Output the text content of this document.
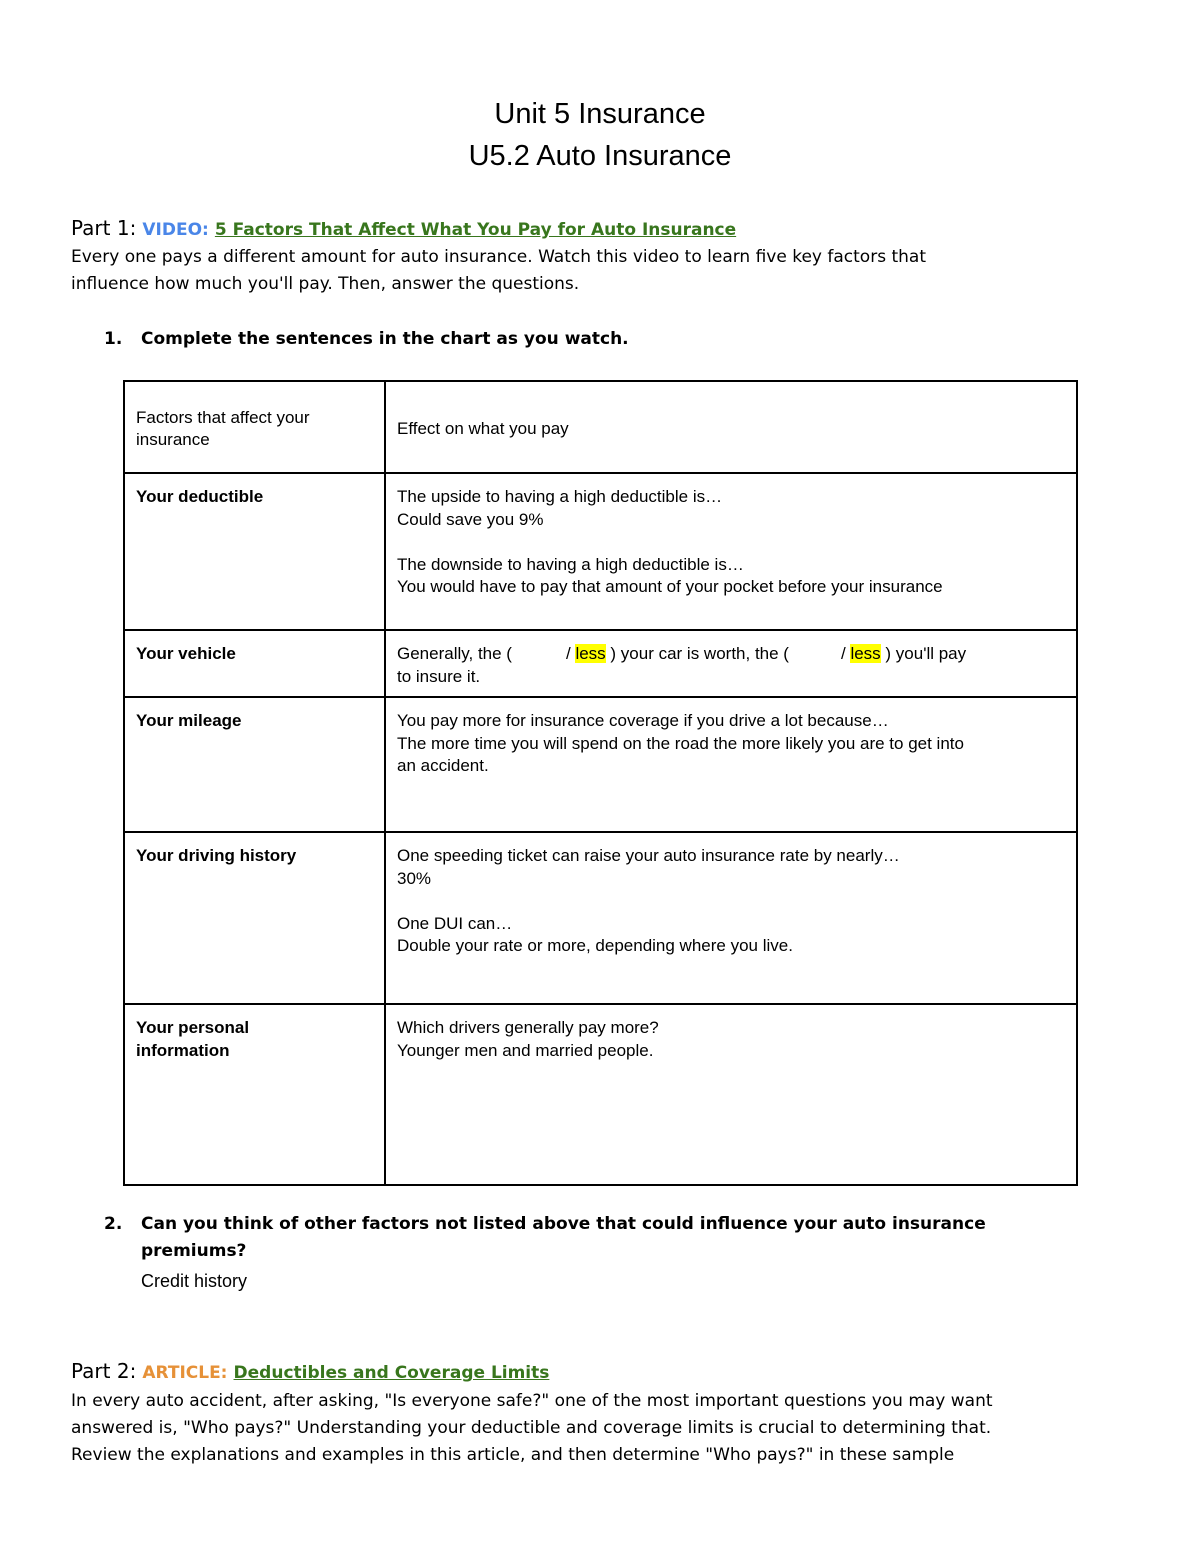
Unit 5 Insurance
U5.2 Auto Insurance
Part 1: VIDEO: 5 Factors That Affect What You Pay for Auto Insurance
Every one pays a different amount for auto insurance. Watch this video to learn five key factors that
influence how much you'll pay. Then, answer the questions.
1. Complete the sentences in the chart as you watch.
Factors that affect your insurance	Effect on what you pay
Your deductible	The upside to having a high deductible is…
Could save you 9%
The downside to having a high deductible is…
You would have to pay that amount of your pocket before your insurance

Your vehicle	Generally, the ( / less ) your car is worth, the ( / less ) you'll pay
to insure it.

Your mileage	You pay more for insurance coverage if you drive a lot because…
The more time you will spend on the road the more likely you are to get into
an accident.

Your driving history	One speeding ticket can raise your auto insurance rate by nearly…
30%
One DUI can…
Double your rate or more, depending where you live.

Your personal
information	Which drivers generally pay more?
Younger men and married people.
2. Can you think of other factors not listed above that could influence your auto insurance
premiums?
Credit history
Part 2: ARTICLE: Deductibles and Coverage Limits
In every auto accident, after asking, "Is everyone safe?" one of the most important questions you may want
answered is, "Who pays?" Understanding your deductible and coverage limits is crucial to determining that.
Review the explanations and examples in this article, and then determine "Who pays?" in these sample
